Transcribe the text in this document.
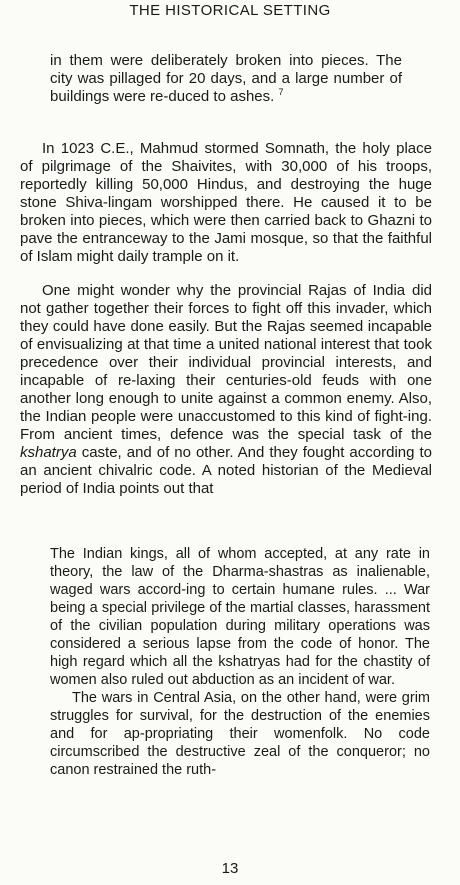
THE HISTORICAL SETTING

in them were deliberately broken into pieces. The city was pillaged for 20 days, and a large number of buildings were re-duced to ashes. $^7$

In 1023 C.E., Mahmud stormed Somnath, the holy place of pilgrimage of the Shaivites, with 30,000 of his troops, reportedly killing 50,000 Hindus, and destroying the huge stone Shiva-lingam worshipped there. He caused it to be broken into pieces, which were then carried back to Ghazni to pave the entranceway to the Jami mosque, so that the faithful of Islam might daily trample on it.

One might wonder why the provincial Rajas of India did not gather together their forces to fight off this invader, which they could have done easily. But the Rajas seemed incapable of envisualizing at that time a united national interest that took precedence over their individual provincial interests, and incapable of re-laxing their centuries-old feuds with one another long enough to unite against a common enemy. Also, the Indian people were unaccustomed to this kind of fight-ing. From ancient times, defence was the special task of the kshatrya caste, and of no other. And they fought according to an ancient chivalric code. A noted historian of the Medieval period of India points out that

The Indian kings, all of whom accepted, at any rate in theory, the law of the Dharma-shastras as inalienable, waged wars accord-ing to certain humane rules. ... War being a special privilege of the martial classes, harassment of the civilian population during military operations was considered a serious lapse from the code of honor. The high regard which all the kshatryas had for the chastity of women also ruled out abduction as an incident of war.

The wars in Central Asia, on the other hand, were grim struggles for survival, for the destruction of the enemies and for ap-propriating their womenfolk. No code circumscribed the destructive zeal of the conqueror; no canon restrained the ruth-

13
